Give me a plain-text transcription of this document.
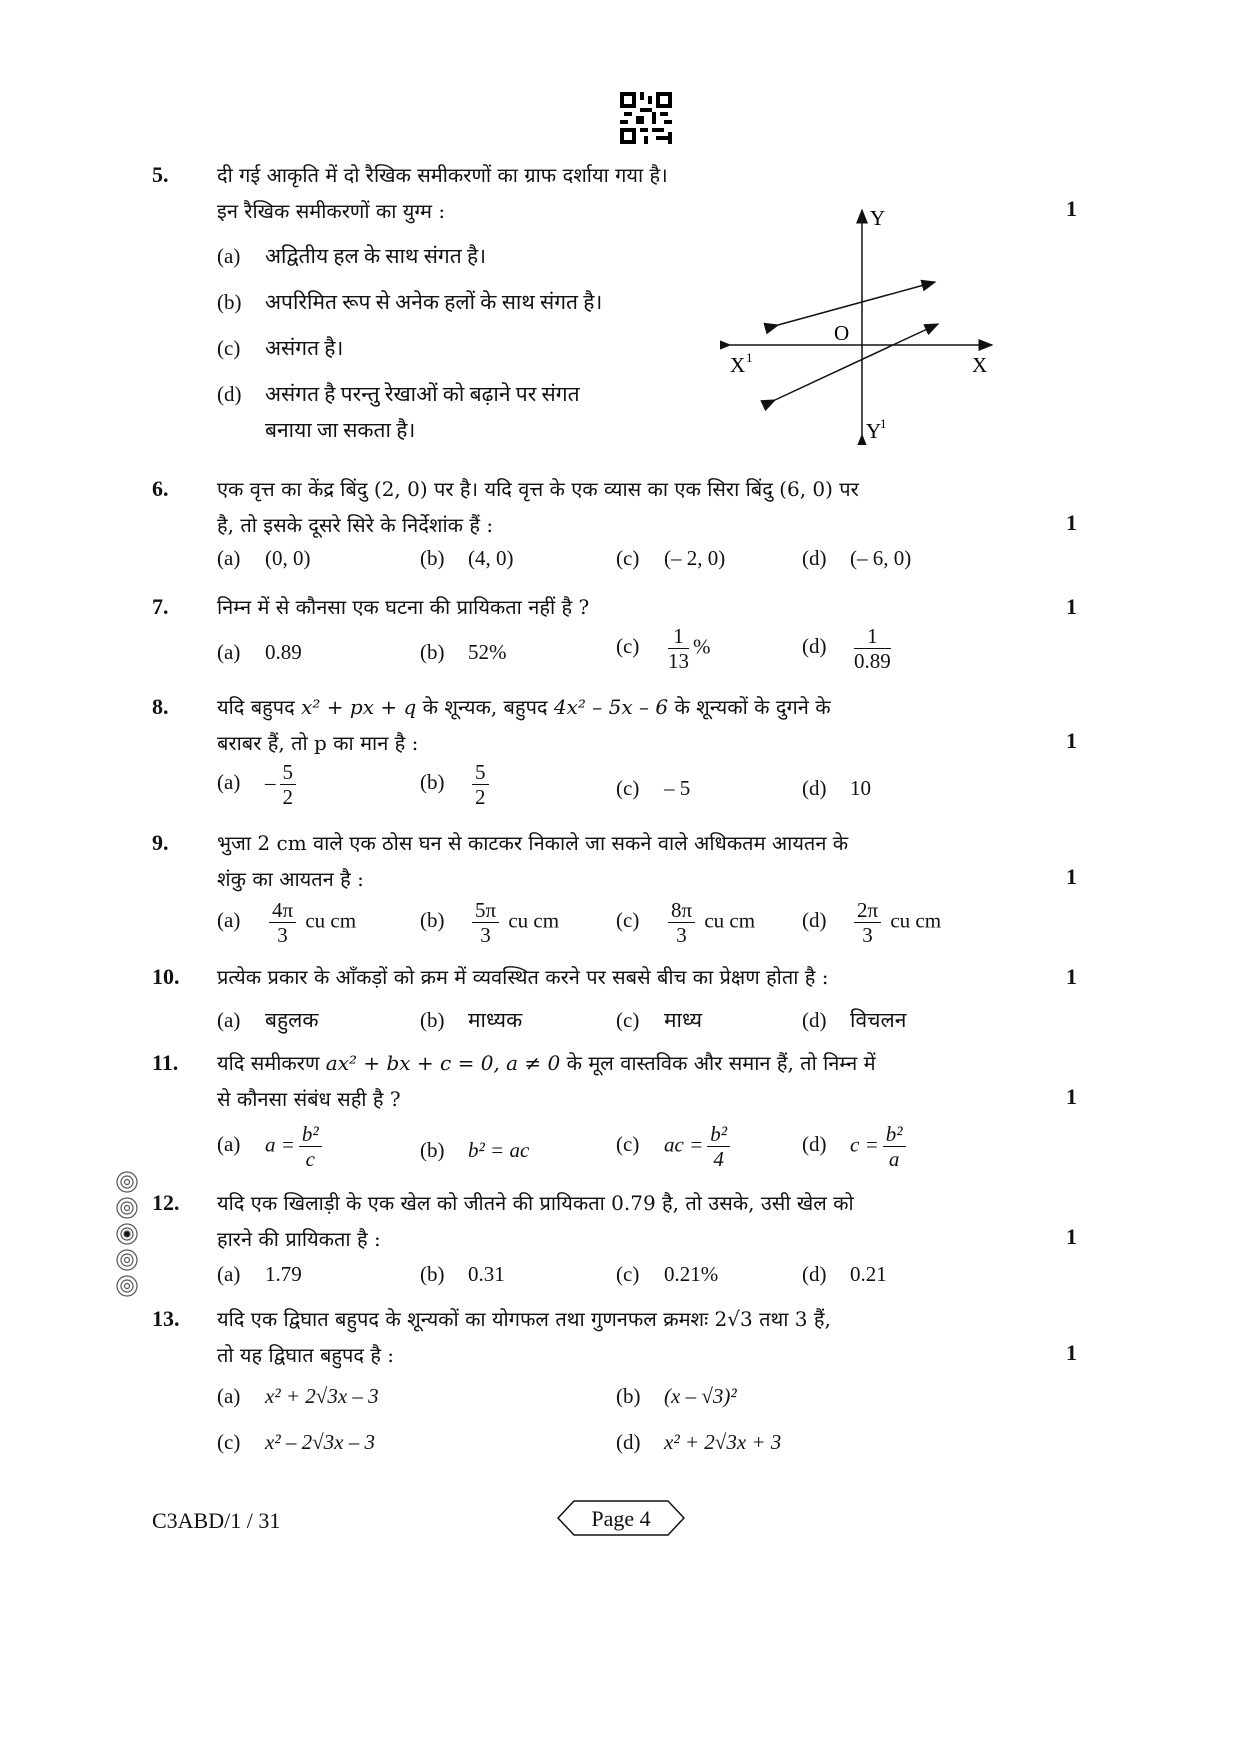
5. दी गई आकृति में दो रैखिक समीकरणों का ग्राफ दर्शाया गया है।
इन रैखिक समीकरणों का युग्म :	1
(a) अद्वितीय हल के साथ संगत है।
(b) अपरिमित रूप से अनेक हलों के साथ संगत है।
(c) असंगत है।
(d) असंगत है परन्तु रेखाओं को बढ़ाने पर संगत
बनाया जा सकता है।
Y
Y
1
X
X 1
O
6. एक वृत्त का केंद्र बिंदु (2, 0) पर है। यदि वृत्त के एक व्यास का एक सिरा बिंदु (6, 0) पर
है, तो इसके दूसरे सिरे के निर्देशांक हैं :	1
(a) (0, 0)	(b) (4, 0)	(c) (– 2, 0)	(d) (– 6, 0)
7. निम्न में से कौनसा एक घटना की प्रायिकता नहीं है ?	1
(a) 0.89	(b) 52%	$(c) \frac{1}{13}$ %	$(d) \frac{1}{0.89}$
8. यदि बहुपद x² + px + q के शून्यक, बहुपद 4x² – 5x – 6 के शून्यकों के दुगने के
बराबर हैं, तो p का मान है :	1
$(a) - \frac{5}{2}$	$(b) \frac{5}{2}$	(c) – 5	(d) 10
9. भुजा 2 cm वाले एक ठोस घन से काटकर निकाले जा सकने वाले अधिकतम आयतन के
शंकु का आयतन है :	1
$(a) \frac{4\pi}{3}$ cu cm	$(b) \frac{5\pi}{3}$ cu cm	$(c) \frac{8\pi}{3}$ cu cm $(d) \frac{2\pi}{3}$ cu cm
10. प्रत्येक प्रकार के आँकड़ों को क्रम में व्यवस्थित करने पर सबसे बीच का प्रेक्षण होता है :	1
(a) बहुलक	(b) माध्यक	(c) माध्य	(d) विचलन
11. यदि समीकरण ax² + bx + c = 0, a ≠ 0 के मूल वास्तविक और समान हैं, तो निम्न में
से कौनसा संबंध सही है ?	1
(a) $a = \frac{\text{b²}}{c}$	(b) b² = ac	(c) ac = $\frac{\text{b²}}{4}$	(d) $c = \frac{\text{b²}}{a}$
12. यदि एक खिलाड़ी के एक खेल को जीतने की प्रायिकता 0.79 है, तो उसके, उसी खेल को
हारने की प्रायिकता है :	1
(a) 1.79	(b) 0.31	(c) 0.21%	(d) 0.21
13. यदि एक द्विघात बहुपद के शून्यकों का योगफल तथा गुणनफल क्रमशः 2√3 तथा 3 हैं,
तो यह द्विघात बहुपद है :	1
(a) x² + 2√3x – 3	(b) (x – √3)²
(c) x² – 2√3x – 3	(d) x² + 2√3x + 3
C3ABD/1 / 31	Page 4
